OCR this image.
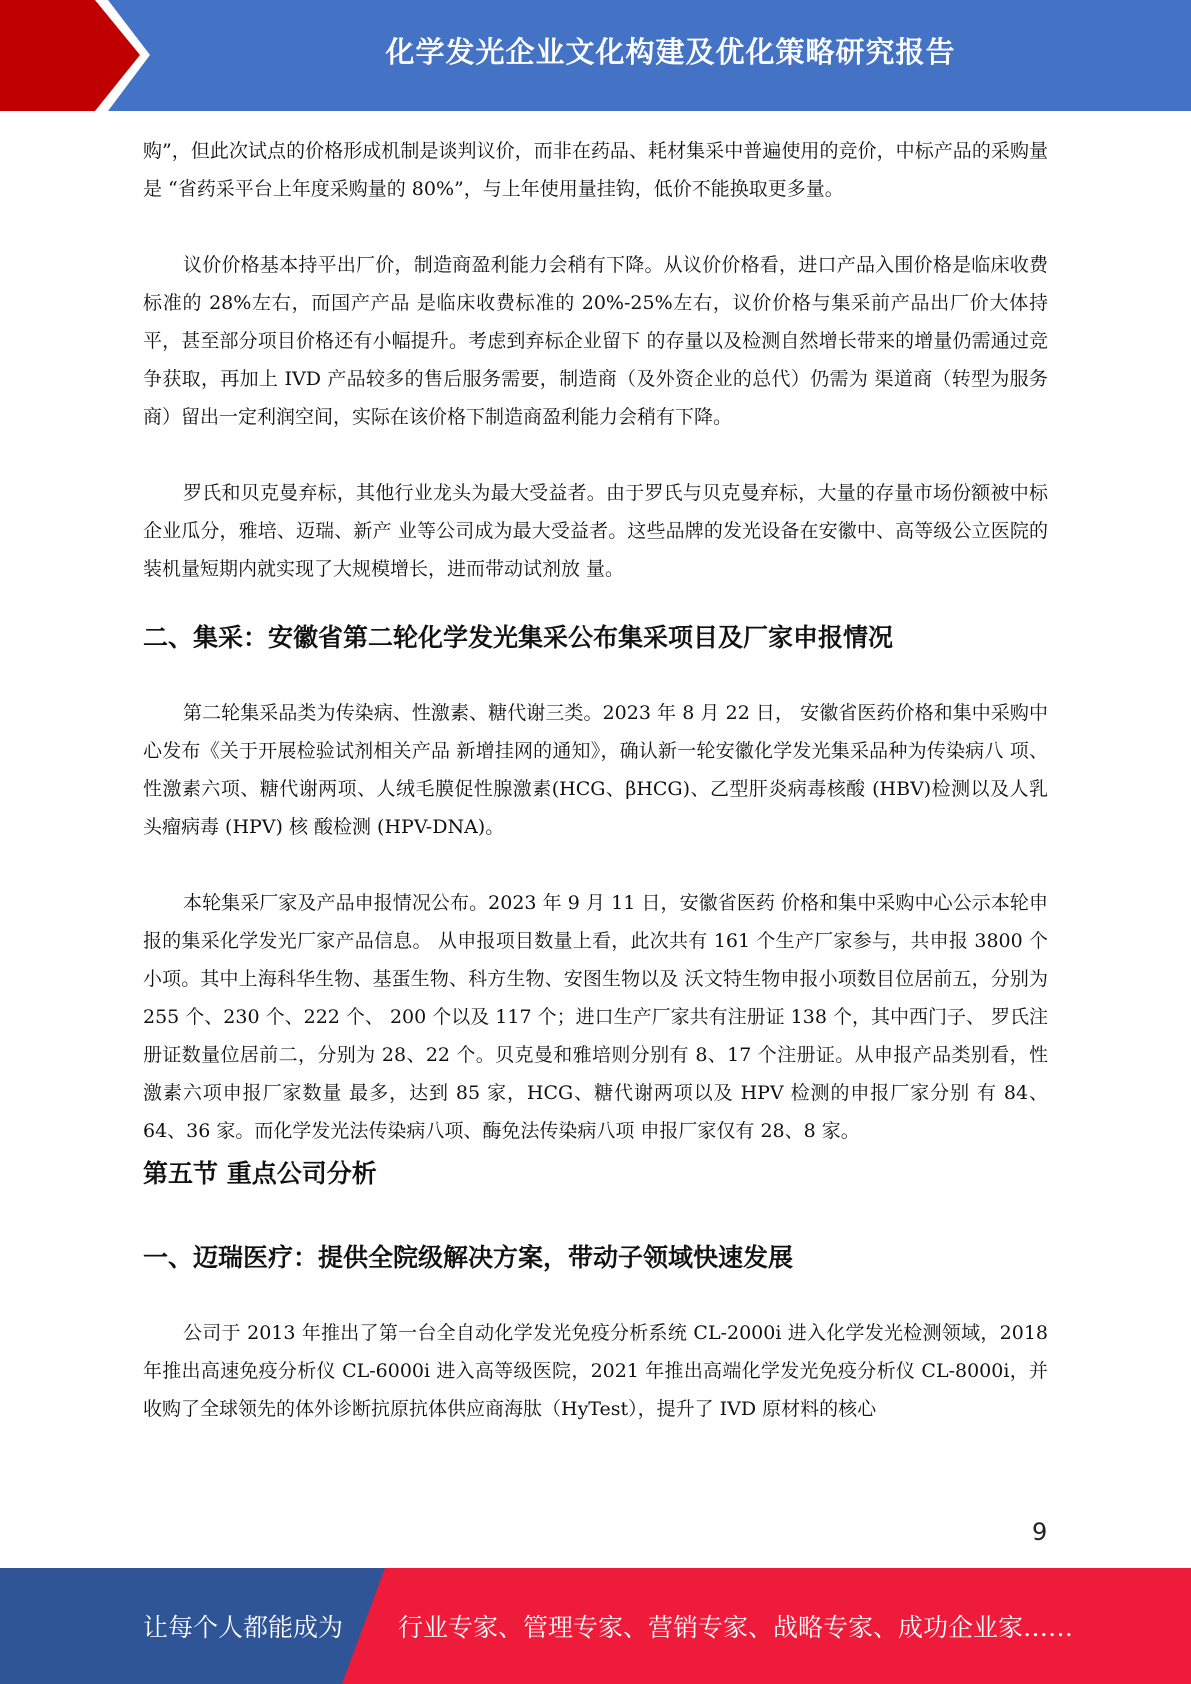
化学发光企业文化构建及优化策略研究报告

购”，但此次试点的价格形成机制是谈判议价，而非在药品、耗材集采中普遍使用的竞价，中标产品的采购量是 “省药采平台上年度采购量的 80%”，与上年使用量挂钩，低价不能换取更多量。

议价价格基本持平出厂价，制造商盈利能力会稍有下降。从议价价格看，进口产品入围价格是临床收费标准的 28%左右，而国产产品 是临床收费标准的 20%-25%左右，议价价格与集采前产品出厂价大体持平，甚至部分项目价格还有小幅提升。考虑到弃标企业留下 的存量以及检测自然增长带来的增量仍需通过竞争获取，再加上 IVD 产品较多的售后服务需要，制造商（及外资企业的总代）仍需为 渠道商（转型为服务商）留出一定利润空间，实际在该价格下制造商盈利能力会稍有下降。

罗氏和贝克曼弃标，其他行业龙头为最大受益者。由于罗氏与贝克曼弃标，大量的存量市场份额被中标企业瓜分，雅培、迈瑞、新产 业等公司成为最大受益者。这些品牌的发光设备在安徽中、高等级公立医院的装机量短期内就实现了大规模增长，进而带动试剂放 量。

二、集采：安徽省第二轮化学发光集采公布集采项目及厂家申报情况

第二轮集采品类为传染病、性激素、糖代谢三类。2023 年 8 月 22 日， 安徽省医药价格和集中采购中心发布《关于开展检验试剂相关产品 新增挂网的通知》，确认新一轮安徽化学发光集采品种为传染病八 项、性激素六项、糖代谢两项、人绒毛膜促性腺激素(HCG、βHCG)、乙型肝炎病毒核酸 (HBV)检测以及人乳头瘤病毒 (HPV) 核 酸检测 (HPV-DNA)。

本轮集采厂家及产品申报情况公布。2023 年 9 月 11 日，安徽省医药 价格和集中采购中心公示本轮申报的集采化学发光厂家产品信息。 从申报项目数量上看，此次共有 161 个生产厂家参与，共申报 3800 个小项。其中上海科华生物、基蛋生物、科方生物、安图生物以及 沃文特生物申报小项数目位居前五，分别为 255 个、230 个、222 个、 200 个以及 117 个；进口生产厂家共有注册证 138 个，其中西门子、 罗氏注册证数量位居前二，分别为 28、22 个。贝克曼和雅培则分别有 8、17 个注册证。从申报产品类别看，性激素六项申报厂家数量 最多，达到 85 家，HCG、糖代谢两项以及 HPV 检测的申报厂家分别 有 84、64、36 家。而化学发光法传染病八项、酶免法传染病八项 申报厂家仅有 28、8 家。

第五节 重点公司分析
一、迈瑞医疗：提供全院级解决方案，带动子领域快速发展

公司于 2013 年推出了第一台全自动化学发光免疫分析系统 CL-2000i 进入化学发光检测领域，2018 年推出高速免疫分析仪 CL-6000i 进入高等级医院，2021 年推出高端化学发光免疫分析仪 CL-8000i，并收购了全球领先的体外诊断抗原抗体供应商海肽（HyTest），提升了 IVD 原材料的核心

9
让每个人都能成为 行业专家、管理专家、营销专家、战略专家、成功企业家……
